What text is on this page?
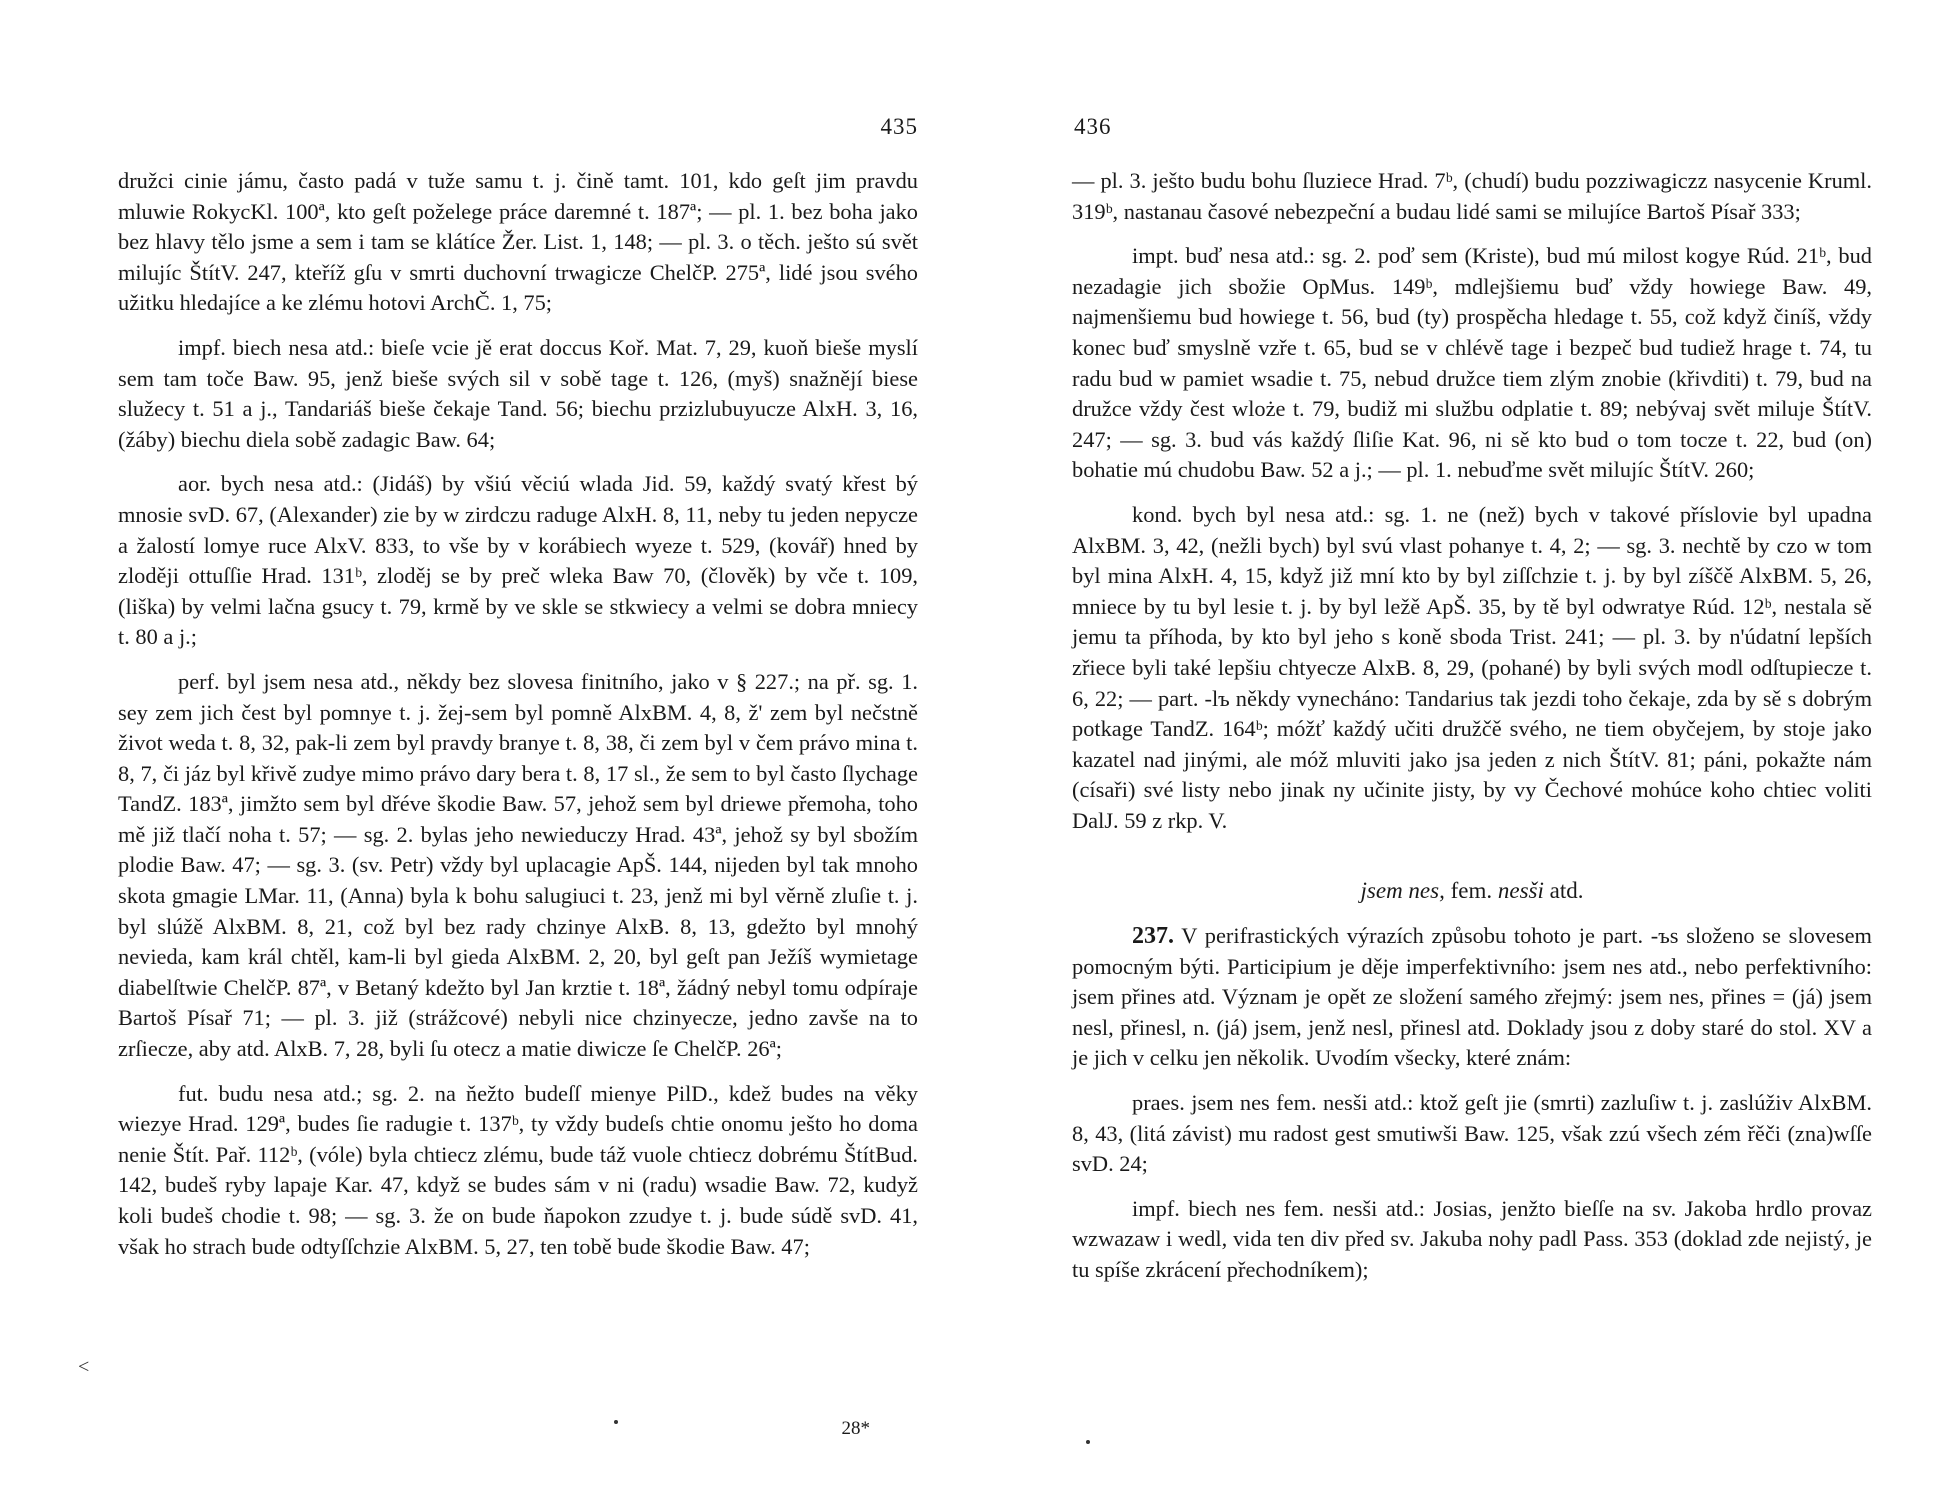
435

družci cinie jámu, často padá v tuže samu t. j. čině tamt. 101, kdo geſt jim pravdu mluwie RokycKl. 100ª, kto geſt poželege práce daremné t. 187ª; — pl. 1. bez boha jako bez hlavy tělo jsme a sem i tam se klátíce Žer. List. 1, 148; — pl. 3. o těch. ješto sú svět milujíc ŠtítV. 247, kteříž gſu v smrti duchovní trwagicze ChelčP. 275ª, lidé jsou svého užitku hledajíce a ke zlému hotovi ArchČ. 1, 75;

impf. biech nesa atd.: bieſe vcie jě erat doccus Koř. Mat. 7, 29, kuoň bieše myslí sem tam toče Baw. 95, jenž bieše svých sil v sobě tage t. 126, (myš) snažnějí biese služecy t. 51 a j., Tandariáš bieše čekaje Tand. 56; biechu przizlubuyucze AlxH. 3, 16, (žáby) biechu diela sobě zadagic Baw. 64;

aor. bych nesa atd.: (Jidáš) by všiú věciú wlada Jid. 59, každý svatý křest bý mnosie svD. 67, (Alexander) zie by w zirdczu raduge AlxH. 8, 11, neby tu jeden nepycze a žalostí lomye ruce AlxV. 833, to vše by v korábiech wyeze t. 529, (kovář) hned by zloději ottuſſie Hrad. 131ᵇ, zloděj se by preč wleka Baw 70, (člověk) by vče t. 109, (liška) by velmi lačna gsucy t. 79, krmě by ve skle se stkwiecy a velmi se dobra mniecy t. 80 a j.;

perf. byl jsem nesa atd., někdy bez slovesa finitního, jako v § 227.; na př. sg. 1. sey zem jich čest byl pomnye t. j. žej-sem byl pomně AlxBM. 4, 8, ž' zem byl nečstně život weda t. 8, 32, pak-li zem byl pravdy branye t. 8, 38, či zem byl v čem právo mina t. 8, 7, či jáz byl křivě zudye mimo právo dary bera t. 8, 17 sl., že sem to byl často ſlychage TandZ. 183ª, jimžto sem byl dřéve škodie Baw. 57, jehož sem byl driewe přemoha, toho mě již tlačí noha t. 57; — sg. 2. bylas jeho newieduczy Hrad. 43ª, jehož sy byl sbožím plodie Baw. 47; — sg. 3. (sv. Petr) vždy byl uplacagie ApŠ. 144, nijeden byl tak mnoho skota gmagie LMar. 11, (Anna) byla k bohu salugiuci t. 23, jenž mi byl věrně zluſie t. j. byl slúžě AlxBM. 8, 21, což byl bez rady chzinye AlxB. 8, 13, gdežto byl mnohý nevieda, kam král chtěl, kam-li byl gieda AlxBM. 2, 20, byl geſt pan Ježíš wymietage diabelſtwie ChelčP. 87ª, v Betaný kdežto byl Jan krztie t. 18ª, žádný nebyl tomu odpíraje Bartoš Písař 71; — pl. 3. již (strážcové) nebyli nice chzinyecze, jedno zavše na to zrſiecze, aby atd. AlxB. 7, 28, byli ſu otecz a matie diwicze ſe ChelčP. 26ª;

fut. budu nesa atd.; sg. 2. na ňežto budeſſ mienye PilD., kdež budes na věky wiezye Hrad. 129ª, budes ſie radugie t. 137ᵇ, ty vždy budeſs chtie onomu ješto ho doma nenie Štít. Pař. 112ᵇ, (vóle) byla chtiecz zlému, bude táž vuole chtiecz dobrému ŠtítBud. 142, budeš ryby lapaje Kar. 47, když se budes sám v ni (radu) wsadie Baw. 72, kudyž koli budeš chodie t. 98; — sg. 3. že on bude ňapokon zzudye t. j. bude súdě svD. 41, však ho strach bude odtyſſchzie AlxBM. 5, 27, ten tobě bude škodie Baw. 47;

28*
<
436

— pl. 3. ješto budu bohu ſluziece Hrad. 7ᵇ, (chudí) budu pozziwagiczz nasycenie Kruml. 319ᵇ, nastanau časové nebezpeční a budau lidé sami se milujíce Bartoš Písař 333;

impt. buď nesa atd.: sg. 2. poď sem (Kriste), bud mú milost kogye Rúd. 21ᵇ, bud nezadagie jich sbožie OpMus. 149ᵇ, mdlejšiemu buď vždy howiege Baw. 49, najmenšiemu bud howiege t. 56, bud (ty) prospěcha hledage t. 55, což když činíš, vždy konec buď smyslně vzře t. 65, bud se v chlévě tage i bezpeč bud tudiež hrage t. 74, tu radu bud w pamiet wsadie t. 75, nebud družce tiem zlým znobie (křivditi) t. 79, bud na družce vždy čest wloże t. 79, budiž mi službu odplatie t. 89; nebývaj svět miluje ŠtítV. 247; — sg. 3. bud vás každý ſliſie Kat. 96, ni sě kto bud o tom tocze t. 22, bud (on) bohatie mú chudobu Baw. 52 a j.; — pl. 1. nebuďme svět milujíc ŠtítV. 260;

kond. bych byl nesa atd.: sg. 1. ne (než) bych v takové příslovie byl upadna AlxBM. 3, 42, (nežli bych) byl svú vlast pohanye t. 4, 2; — sg. 3. nechtě by czo w tom byl mina AlxH. 4, 15, když již mní kto by byl ziſſchzie t. j. by byl zíščě AlxBM. 5, 26, mniece by tu byl lesie t. j. by byl ležě ApŠ. 35, by tě byl odwratye Rúd. 12ᵇ, nestala sě jemu ta příhoda, by kto byl jeho s koně sboda Trist. 241; — pl. 3. by n'údatní lepších zřiece byli také lepšiu chtyecze AlxB. 8, 29, (pohané) by byli svých modl odſtupiecze t. 6, 22; — part. -lъ někdy vynecháno: Tandarius tak jezdi toho čekaje, zda by sě s dobrým potkage TandZ. 164ᵇ; móžť každý učiti družčě svého, ne tiem obyčejem, by stoje jako kazatel nad jinými, ale móž mluviti jako jsa jeden z nich ŠtítV. 81; páni, pokažte nám (císaři) své listy nebo jinak ny učinite jisty, by vy Čechové mohúce koho chtiec voliti DalJ. 59 z rkp. V.

jsem nes, fem. nesši atd.

237. V perifrastických výrazích způsobu tohoto je part. -ъs složeno se slovesem pomocným býti. Participium je děje imperfektivního: jsem nes atd., nebo perfektivního: jsem přines atd. Význam je opět ze složení samého zřejmý: jsem nes, přines = (já) jsem nesl, přinesl, n. (já) jsem, jenž nesl, přinesl atd. Doklady jsou z doby staré do stol. XV a je jich v celku jen několik. Uvodím všecky, které znám:

praes. jsem nes fem. nesši atd.: ktož geſt jie (smrti) zazluſiw t. j. zaslúživ AlxBM. 8, 43, (litá závist) mu radost gest smutiwši Baw. 125, však zzú všech zém řěči (zna)wſſe svD. 24;

impf. biech nes fem. nesši atd.: Josias, jenžto bieſſe na sv. Jakoba hrdlo provaz wzwazaw i wedl, vida ten div před sv. Jakuba nohy padl Pass. 353 (doklad zde nejistý, je tu spíše zkrácení přechodníkem);
